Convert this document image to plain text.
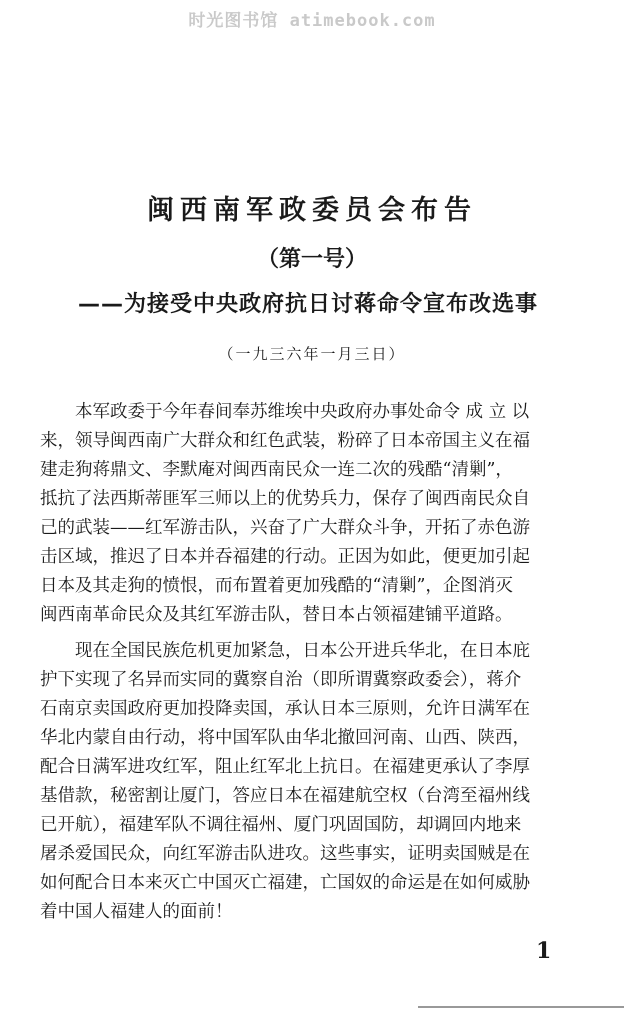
时光图书馆 atimebook.com
闽西南军政委员会布告
（第一号）
——为接受中央政府抗日讨蒋命令宣布改选事
（一九三六年一月三日）
　　本军政委于今年春间奉苏维埃中央政府办事处命令 成 立 以
来，领导闽西南广大群众和红色武装，粉碎了日本帝国主义在福
建走狗蒋鼎文、李默庵对闽西南民众一连二次的残酷“清剿”，
抵抗了法西斯蒂匪军三师以上的优势兵力，保存了闽西南民众自
己的武装——红军游击队，兴奋了广大群众斗争，开拓了赤色游
击区域，推迟了日本并吞福建的行动。正因为如此，便更加引起
日本及其走狗的愤恨，而布置着更加残酷的“清剿”，企图消灭
闽西南革命民众及其红军游击队，替日本占领福建铺平道路。
　　现在全国民族危机更加紧急，日本公开进兵华北，在日本庇
护下实现了名异而实同的冀察自治（即所谓冀察政委会），蒋介
石南京卖国政府更加投降卖国，承认日本三原则，允许日满军在
华北内蒙自由行动，将中国军队由华北撤回河南、山西、陕西，
配合日满军进攻红军，阻止红军北上抗日。在福建更承认了李厚
基借款，秘密割让厦门，答应日本在福建航空权（台湾至福州线
已开航），福建军队不调往福州、厦门巩固国防，却调回内地来
屠杀爱国民众，向红军游击队进攻。这些事实，证明卖国贼是在
如何配合日本来灭亡中国灭亡福建，亡国奴的命运是在如何威胁
着中国人福建人的面前！
1
